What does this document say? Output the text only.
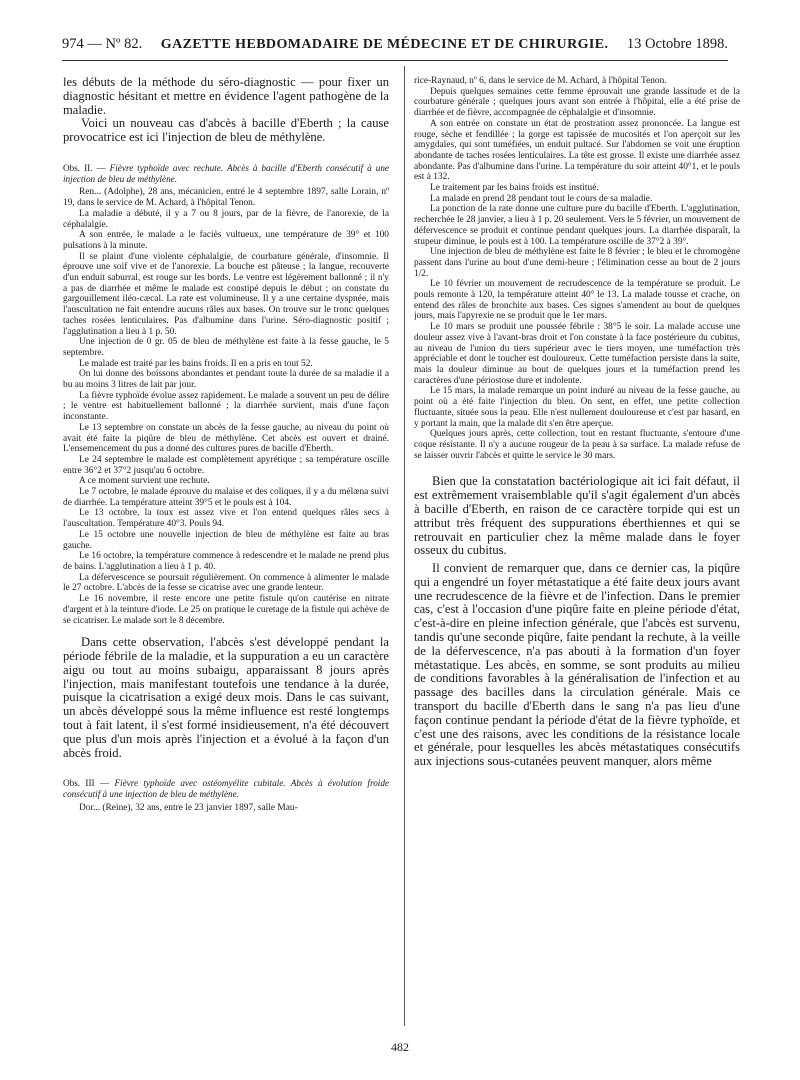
974 — Nº 82.	GAZETTE HEBDOMADAIRE DE MÉDECINE ET DE CHIRURGIE.	13 Octobre 1898.

les débuts de la méthode du séro-diagnostic — pour fixer un diagnostic hésitant et mettre en évidence l'agent pathogène de la maladie.

Voici un nouveau cas d'abcès à bacille d'Eberth ; la cause provocatrice est ici l'injection de bleu de méthylène.

Obs. II. — Fièvre typhoïde avec rechute. Abcès à bacille d'Eberth consécutif à une injection de bleu de méthylène.

Ren... (Adolphe), 28 ans, mécanicien, entré le 4 septembre 1897, salle Lorain, nº 19, dans le service de M. Achard, à l'hôpital Tenon.

La maladie a débuté, il y a 7 ou 8 jours, par de la fièvre, de l'anorexie, de la céphalalgie.

A son entrée, le malade a le faciès vultueux, une température de 39° et 100 pulsations à la minute.

Il se plaint d'une violente céphalalgie, de courbature générale, d'insomnie. Il éprouve une soif vive et de l'anorexie. La bouche est pâteuse ; la langue, recouverte d'un enduit saburral, est rouge sur les bords. Le ventre est légèrement ballonné ; il n'y a pas de diarrhée et même le malade est constipé depuis le début ; on constate du gargouillement iléo-cæcal. La rate est volumineuse. Il y a une certaine dyspnée, mais l'auscultation ne fait entendre aucuns râles aux bases. On trouve sur le tronc quelques taches rosées lenticulaires. Pas d'albumine dans l'urine. Séro-diagnostic positif ; l'agglutination a lieu à 1 p. 50.

Une injection de 0 gr. 05 de bleu de méthylène est faite à la fesse gauche, le 5 septembre.

Le malade est traité par les bains froids. Il en a pris en tout 52.

On lui donne des boissons abondantes et pendant toute la durée de sa maladie il a bu au moins 3 litres de lait par jour.

La fièvre typhoïde évolue assez rapidement. Le malade a souvent un peu de délire ; le ventre est habituellement ballonné ; la diarrhée survient, mais d'une façon inconstante.

Le 13 septembre on constate un abcès de la fesse gauche, au niveau du point où avait été faite la piqûre de bleu de méthylène. Cet abcès est ouvert et drainé. L'ensemencement du pus a donné des cultures pures de bacille d'Eberth.

Le 24 septembre le malade est complètement apyrétique ; sa température oscille entre 36°2 et 37°2 jusqu'au 6 octobre.

A ce moment survient une rechute.

Le 7 octobre, le malade éprouve du malaise et des coliques, il y a du mélæna suivi de diarrhée. La température atteint 39°5 et le pouls est à 104.

Le 13 octobre, la toux est assez vive et l'on entend quelques râles secs à l'auscultation. Température 40°3. Pouls 94.

Le 15 octobre une nouvelle injection de bleu de méthylène est faite au bras gauche.

Le 16 octobre, la température commence à redescendre et le malade ne prend plus de bains. L'agglutination a lieu à 1 p. 40.

La défervescence se poursuit régulièrement. On commence à alimenter le malade le 27 octobre. L'abcès de la fesse se cicatrise avec une grande lenteur.

Le 16 novembre, il reste encore une petite fistule qu'on cautérise en nitrate d'argent et à la teinture d'iode. Le 25 on pratique le curetage de la fistule qui achève de se cicatriser. Le malade sort le 8 décembre.

Dans cette observation, l'abcès s'est développé pendant la période fébrile de la maladie, et la suppuration a eu un caractère aigu ou tout au moins subaigu, apparaissant 8 jours après l'injection, mais manifestant toutefois une tendance à la durée, puisque la cicatrisation a exigé deux mois. Dans le cas suivant, un abcès développé sous la même influence est resté longtemps tout à fait latent, il s'est formé insidieusement, n'a été découvert que plus d'un mois après l'injection et a évolué à la façon d'un abcès froid.

Obs. III — Fièvre typhoïde avec ostéomyélite cubitale. Abcès à évolution froide consécutif à une injection de bleu de méthylène.

Dor... (Reine), 32 ans, entre le 23 janvier 1897, salle Mau-

rice-Raynaud, nº 6, dans le service de M. Achard, à l'hôpital Tenon.

Depuis quelques semaines cette femme éprouvait une grande lassitude et de la courbature générale ; quelques jours avant son entrée à l'hôpital, elle a été prise de diarrhée et de fièvre, accompagnée de céphalalgie et d'insomnie.

A son entrée on constate un état de prostration assez prononcée. La langue est rouge, sèche et fendillée ; la gorge est tapissée de mucosités et l'on aperçoit sur les amygdales, qui sont tuméfiées, un enduit pultacé. Sur l'abdomen se voit une éruption abondante de taches rosées lenticulaires. La tête est grosse. Il existe une diarrhée assez abondante. Pas d'albumine dans l'urine. La température du soir atteint 40°1, et le pouls est à 132.

Le traitement par les bains froids est institué.

La malade en prend 28 pendant tout le cours de sa maladie.

La ponction de la rate donne une culture pure du bacille d'Eberth. L'agglutination, recherchée le 28 janvier, a lieu à 1 p. 20 seulement. Vers le 5 février, un mouvement de défervescence se produit et continue pendant quelques jours. La diarrhée disparaît, la stupeur diminue, le pouls est à 100. La température oscille de 37°2 à 39°.

Une injection de bleu de méthylène est faite le 8 février ; le bleu et le chromogène passent dans l'urine au bout d'une demi-heure ; l'élimination cesse au bout de 2 jours 1/2.

Le 10 février un mouvement de recrudescence de la température se produit. Le pouls remonte à 120, la température atteint 40° le 13. La malade tousse et crache, on entend des râles de bronchite aux bases. Ces signes s'amendent au bout de quelques jours, mais l'apyrexie ne se produit que le 1er mars.

Le 10 mars se produit une poussée fébrile : 38°5 le soir. La malade accuse une douleur assez vive à l'avant-bras droit et l'on constate à la face postérieure du cubitus, au niveau de l'union du tiers supérieur avec le tiers moyen, une tuméfaction très appréciable et dont le toucher est douloureux. Cette tuméfaction persiste dans la suite, mais la douleur diminue au bout de quelques jours et la tuméfaction prend les caractères d'une périostose dure et indolente.

Le 15 mars, la malade remarque un point induré au niveau de la fesse gauche, au point où a été faite l'injection du bleu. On sent, en effet, une petite collection fluctuante, située sous la peau. Elle n'est nullement douloureuse et c'est par hasard, en y portant la main, que la malade dit s'en être aperçue.

Quelques jours après, cette collection, tout en restant fluctuante, s'entoure d'une coque résistante. Il n'y a aucune rougeur de la peau à sa surface. La malade refuse de se laisser ouvrir l'abcès et quitte le service le 30 mars.

Bien que la constatation bactériologique ait ici fait défaut, il est extrêmement vraisemblable qu'il s'agit également d'un abcès à bacille d'Eberth, en raison de ce caractère torpide qui est un attribut très fréquent des suppurations éberthiennes et qui se retrouvait en particulier chez la même malade dans le foyer osseux du cubitus.

Il convient de remarquer que, dans ce dernier cas, la piqûre qui a engendré un foyer métastatique a été faite deux jours avant une recrudescence de la fièvre et de l'infection. Dans le premier cas, c'est à l'occasion d'une piqûre faite en pleine période d'état, c'est-à-dire en pleine infection générale, que l'abcès est survenu, tandis qu'une seconde piqûre, faite pendant la rechute, à la veille de la défervescence, n'a pas abouti à la formation d'un foyer métastatique. Les abcès, en somme, se sont produits au milieu de conditions favorables à la généralisation de l'infection et au passage des bacilles dans la circulation générale. Mais ce transport du bacille d'Eberth dans le sang n'a pas lieu d'une façon continue pendant la période d'état de la fièvre typhoïde, et c'est une des raisons, avec les conditions de la résistance locale et générale, pour lesquelles les abcès métastatiques consécutifs aux injections sous-cutanées peuvent manquer, alors même

482
